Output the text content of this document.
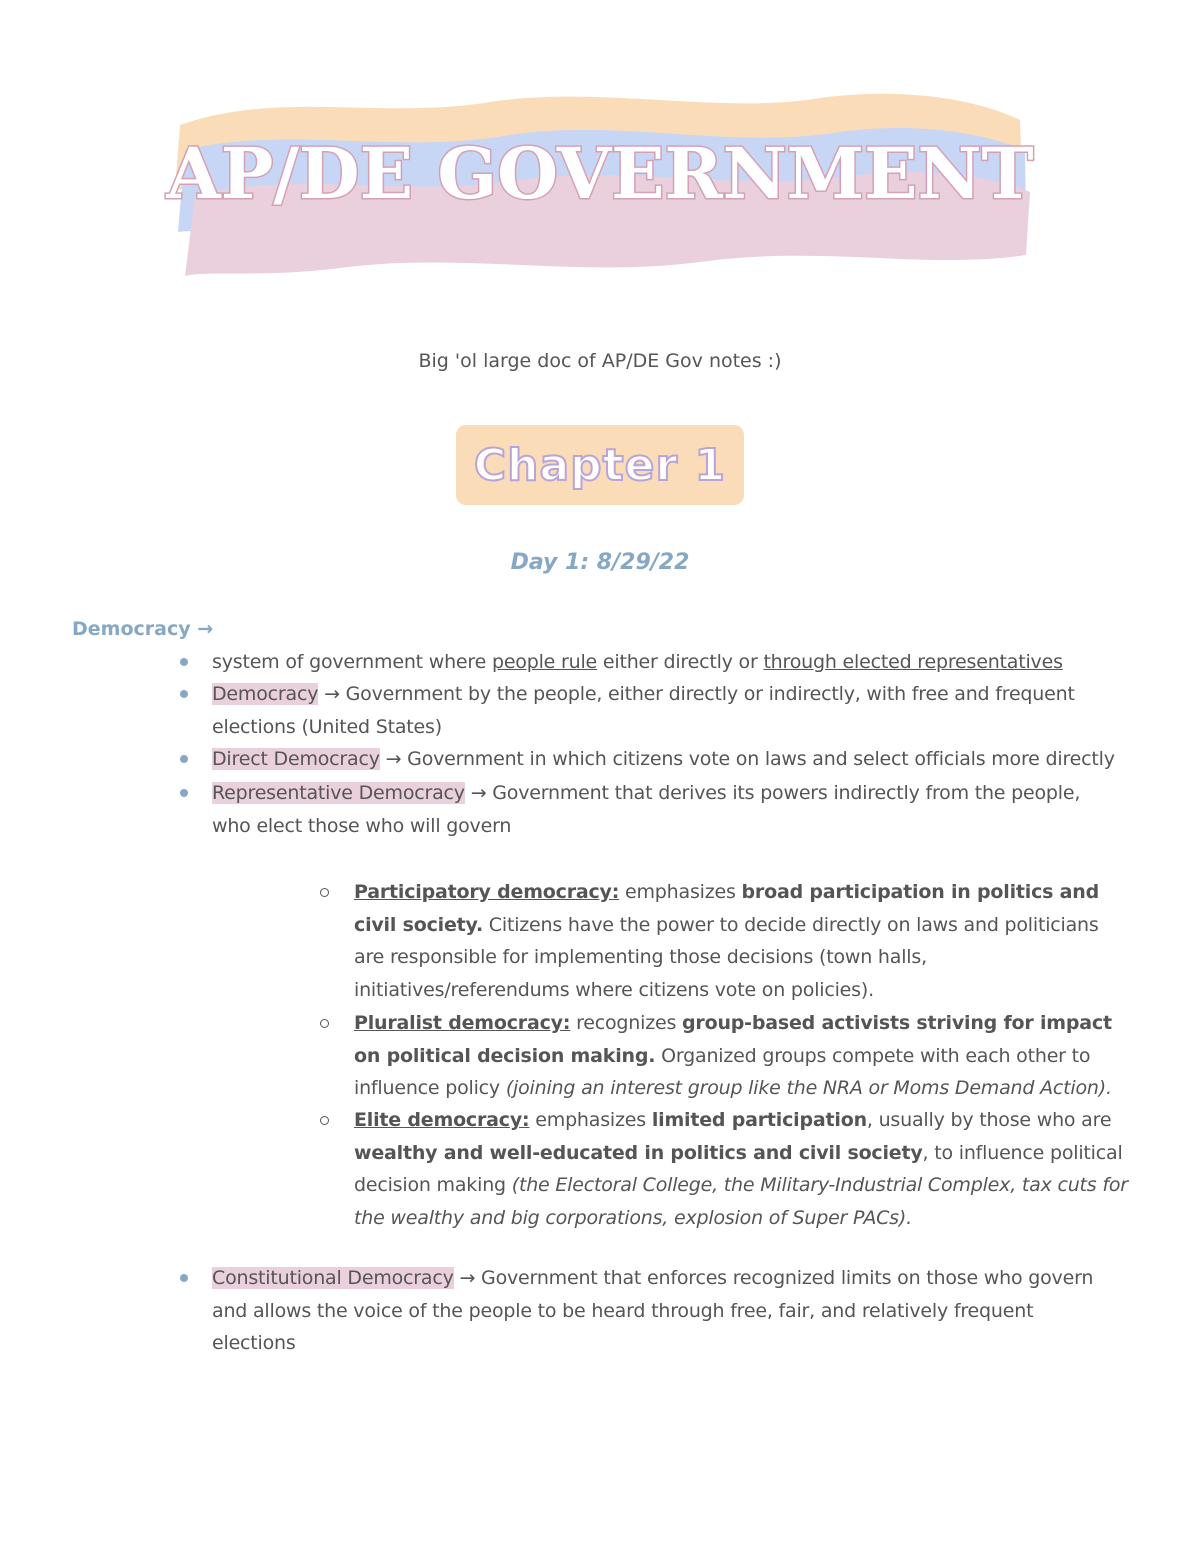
AP/DE GOVERNMENT
Big 'ol large doc of AP/DE Gov notes :)
Chapter 1
Day 1: 8/29/22
Democracy →
system of government where people rule either directly or through elected representatives
Democracy → Government by the people, either directly or indirectly, with free and frequent elections (United States)
Direct Democracy → Government in which citizens vote on laws and select officials more directly
Representative Democracy → Government that derives its powers indirectly from the people, who elect those who will govern
Participatory democracy: emphasizes broad participation in politics and civil society. Citizens have the power to decide directly on laws and politicians are responsible for implementing those decisions (town halls, initiatives/referendums where citizens vote on policies).
Pluralist democracy: recognizes group-based activists striving for impact on political decision making. Organized groups compete with each other to influence policy (joining an interest group like the NRA or Moms Demand Action).
Elite democracy: emphasizes limited participation, usually by those who are wealthy and well-educated in politics and civil society, to influence political decision making (the Electoral College, the Military-Industrial Complex, tax cuts for the wealthy and big corporations, explosion of Super PACs).
Constitutional Democracy → Government that enforces recognized limits on those who govern and allows the voice of the people to be heard through free, fair, and relatively frequent elections
